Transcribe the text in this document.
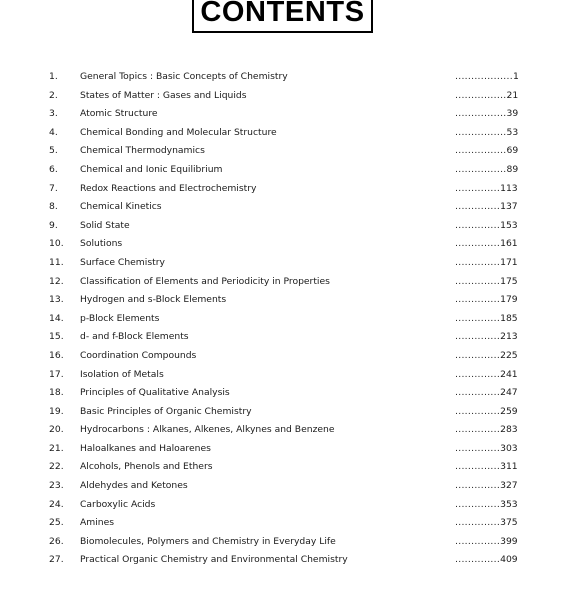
CONTENTS
1. General Topics : Basic Concepts of Chemistry	..................1
2. States of Matter : Gases and Liquids	................21
3. Atomic Structure	................39
4. Chemical Bonding and Molecular Structure	................53
5. Chemical Thermodynamics	................69
6. Chemical and Ionic Equilibrium	................89
7. Redox Reactions and Electrochemistry	..............113
8. Chemical Kinetics	..............137
9. Solid State	..............153
10. Solutions	..............161
11. Surface Chemistry	..............171
12. Classification of Elements and Periodicity in Properties	..............175
13. Hydrogen and s-Block Elements	..............179
14. p-Block Elements	..............185
15. d- and f-Block Elements	..............213
16. Coordination Compounds	..............225
17. Isolation of Metals	..............241
18. Principles of Qualitative Analysis	..............247
19. Basic Principles of Organic Chemistry	..............259
20. Hydrocarbons : Alkanes, Alkenes, Alkynes and Benzene	..............283
21. Haloalkanes and Haloarenes	..............303
22. Alcohols, Phenols and Ethers	..............311
23. Aldehydes and Ketones	..............327
24. Carboxylic Acids	..............353
25. Amines	..............375
26. Biomolecules, Polymers and Chemistry in Everyday Life	..............399
27. Practical Organic Chemistry and Environmental Chemistry	..............409
